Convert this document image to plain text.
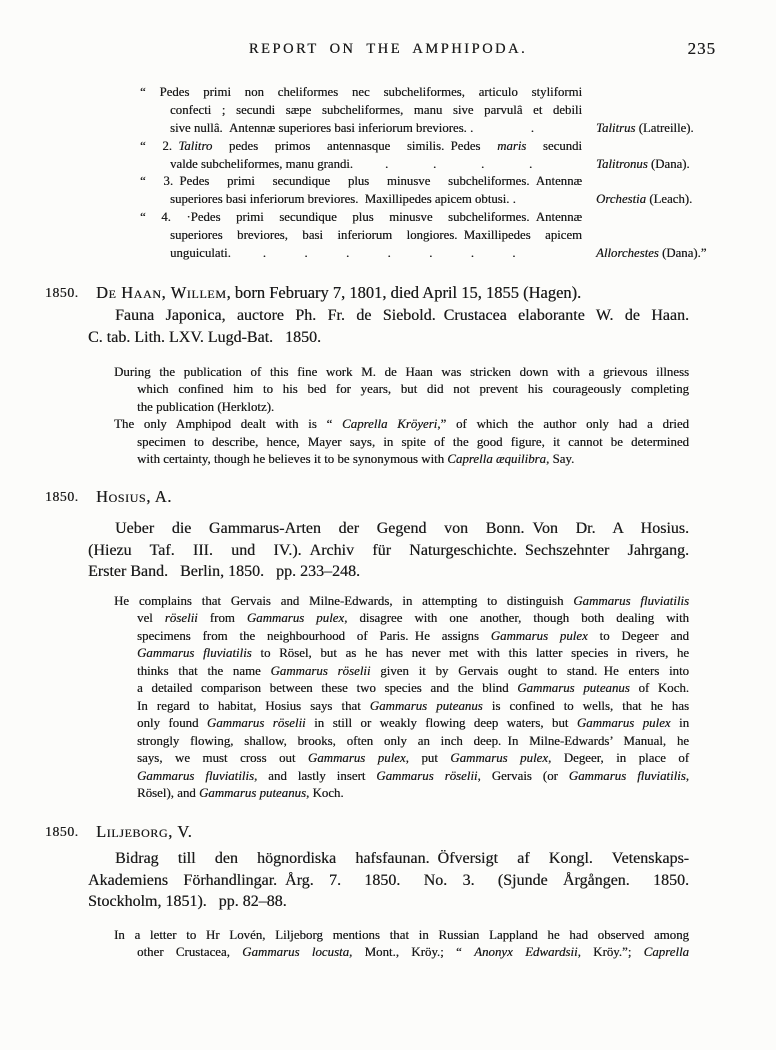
REPORT ON THE AMPHIPODA.	235
“ Pedes primi non cheliformes nec subcheliformes, articulo styliformi
confecti ; secundi sæpe subcheliformes, manu sive parvulâ et debili
sive nullâ. Antennæ superiores basi inferiorum breviores. .     .	Talitrus (Latreille).
“ 2. Talitro pedes primos antennasque similis. Pedes maris secundi
valde subcheliformes, manu grandi.   .    .    .    .	Talitronus (Dana).
“ 3. Pedes primi secundique plus minusve subcheliformes. Antennæ
superiores basi inferiorum breviores. Maxillipedes apicem obtusi. .	Orchestia (Leach).
“ 4. ·Pedes primi secundique plus minusve subcheliformes. Antennæ
superiores breviores, basi inferiorum longiores. Maxillipedes apicem
unguiculati.   .   .   .   .   .   .   .	Allorchestes (Dana).”
1850. De Haan, Willem, born February 7, 1801, died April 15, 1855 (Hagen).
Fauna Japonica, auctore Ph. Fr. de Siebold. Crustacea elaborante W. de Haan.
C. tab. Lith. LXV. Lugd-Bat.  1850.
During the publication of this fine work M. de Haan was stricken down with a grievous illness
which confined him to his bed for years, but did not prevent his courageously completing
the publication (Herklotz).
The only Amphipod dealt with is “ Caprella Kröyeri,” of which the author only had a dried
specimen to describe, hence, Mayer says, in spite of the good figure, it cannot be determined
with certainty, though he believes it to be synonymous with Caprella æquilibra, Say.
1850. Hosius, A.
Ueber die Gammarus-Arten der Gegend von Bonn. Von Dr. A Hosius.
(Hiezu Taf. III. und IV.). Archiv für Naturgeschichte. Sechszehnter Jahrgang.
Erster Band.  Berlin, 1850.  pp. 233–248.
He complains that Gervais and Milne-Edwards, in attempting to distinguish Gammarus fluviatilis
vel röselii from Gammarus pulex, disagree with one another, though both dealing with
specimens from the neighbourhood of Paris. He assigns Gammarus pulex to Degeer and
Gammarus fluviatilis to Rösel, but as he has never met with this latter species in rivers, he
thinks that the name Gammarus röselii given it by Gervais ought to stand. He enters into
a detailed comparison between these two species and the blind Gammarus puteanus of Koch.
In regard to habitat, Hosius says that Gammarus puteanus is confined to wells, that he has
only found Gammarus röselii in still or weakly flowing deep waters, but Gammarus pulex in
strongly flowing, shallow, brooks, often only an inch deep. In Milne-Edwards’ Manual, he
says, we must cross out Gammarus pulex, put Gammarus pulex, Degeer, in place of
Gammarus fluviatilis, and lastly insert Gammarus röselii, Gervais (or Gammarus fluviatilis,
Rösel), and Gammarus puteanus, Koch.
1850. Liljeborg, V.
Bidrag till den högnordiska hafsfaunan. Öfversigt af Kongl. Vetenskaps-
Akademiens Förhandlingar. Årg. 7.  1850.  No. 3.  (Sjunde Årgången.  1850.
Stockholm, 1851).  pp. 82–88.
In a letter to Hr Lovén, Liljeborg mentions that in Russian Lappland he had observed among
other Crustacea, Gammarus locusta, Mont., Kröy.; “ Anonyx Edwardsii, Kröy.”; Caprella
